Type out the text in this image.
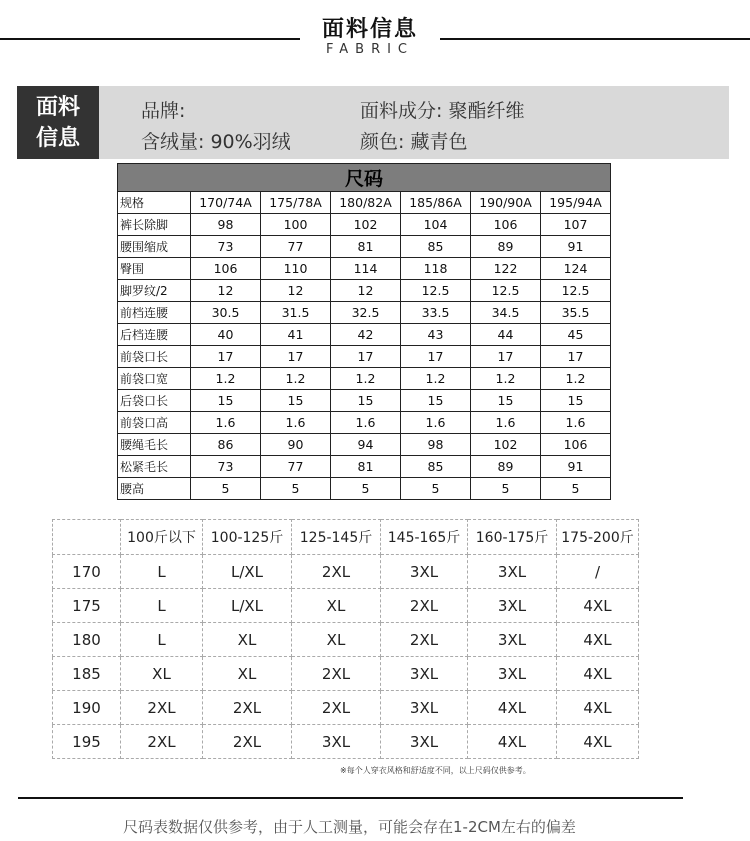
面料信息
FABRIC
面料
信息
品牌:	面料成分: 聚酯纤维
含绒量: 90%羽绒	颜色: 藏青色
尺码						
规格	170/74A	175/78A	180/82A	185/86A	190/90A	195/94A
裤长除脚	98	100	102	104	106	107
腰围缩成	73	77	81	85	89	91
臀围	106	110	114	118	122	124
脚罗纹/2	12	12	12	12.5	12.5	12.5
前档连腰	30.5	31.5	32.5	33.5	34.5	35.5
后档连腰	40	41	42	43	44	45
前袋口长	17	17	17	17	17	17
前袋口宽	1.2	1.2	1.2	1.2	1.2	1.2
后袋口长	15	15	15	15	15	15
前袋口高	1.6	1.6	1.6	1.6	1.6	1.6
腰绳毛长	86	90	94	98	102	106
松紧毛长	73	77	81	85	89	91
腰高	5	5	5	5	5	5
	100斤以下	100-125斤	125-145斤	145-165斤	160-175斤	175-200斤
170	L	L/XL	2XL	3XL	3XL	/
175	L	L/XL	XL	2XL	3XL	4XL
180	L	XL	XL	2XL	3XL	4XL
185	XL	XL	2XL	3XL	3XL	4XL
190	2XL	2XL	2XL	3XL	4XL	4XL
195	2XL	2XL	3XL	3XL	4XL	4XL
※每个人穿衣风格和舒适度不同，以上尺码仅供参考。
尺码表数据仅供参考，由于人工测量，可能会存在1-2CM左右的偏差
